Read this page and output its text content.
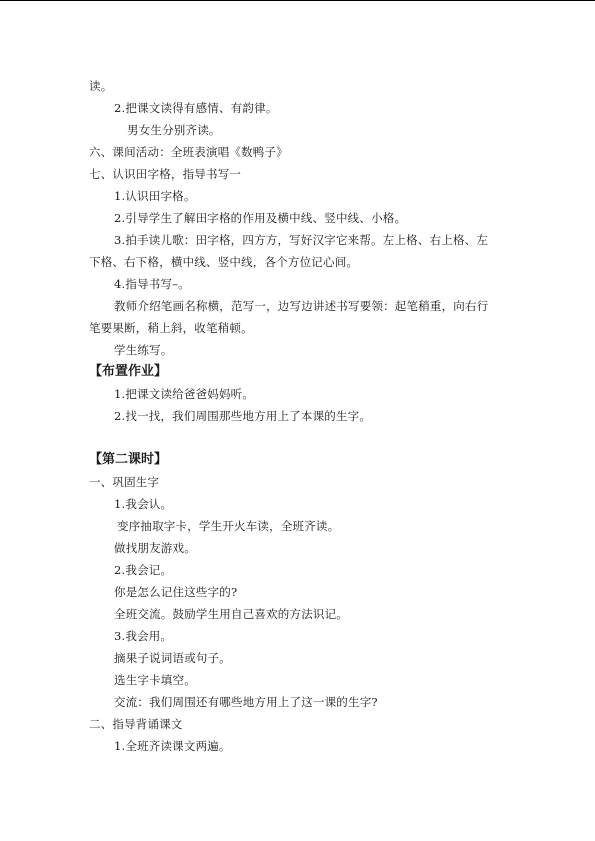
读。
2.把课文读得有感情、有韵律。
男女生分别齐读。
六、课间活动：全班表演唱《数鸭子》
七、认识田字格，指导书写一
1.认识田字格。
2.引导学生了解田字格的作用及横中线、竖中线、小格。
3.拍手读儿歌：田字格，四方方，写好汉字它来帮。左上格、右上格、左
下格、右下格，横中线、竖中线，各个方位记心间。
4.指导书写–。
教师介绍笔画名称横，范写一，边写边讲述书写要领：起笔稍重，向右行
笔要果断，稍上斜，收笔稍顿。
学生练写。
【布置作业】
1.把课文读给爸爸妈妈听。
2.找一找，我们周围那些地方用上了本课的生字。
【第二课时】
一、巩固生字
1.我会认。
变序抽取字卡，学生开火车读，全班齐读。
做找朋友游戏。
2.我会记。
你是怎么记住这些字的?
全班交流。鼓励学生用自己喜欢的方法识记。
3.我会用。
摘果子说词语或句子。
选生字卡填空。
交流：我们周围还有哪些地方用上了这一课的生字?
二、指导背诵课文
1.全班齐读课文两遍。
